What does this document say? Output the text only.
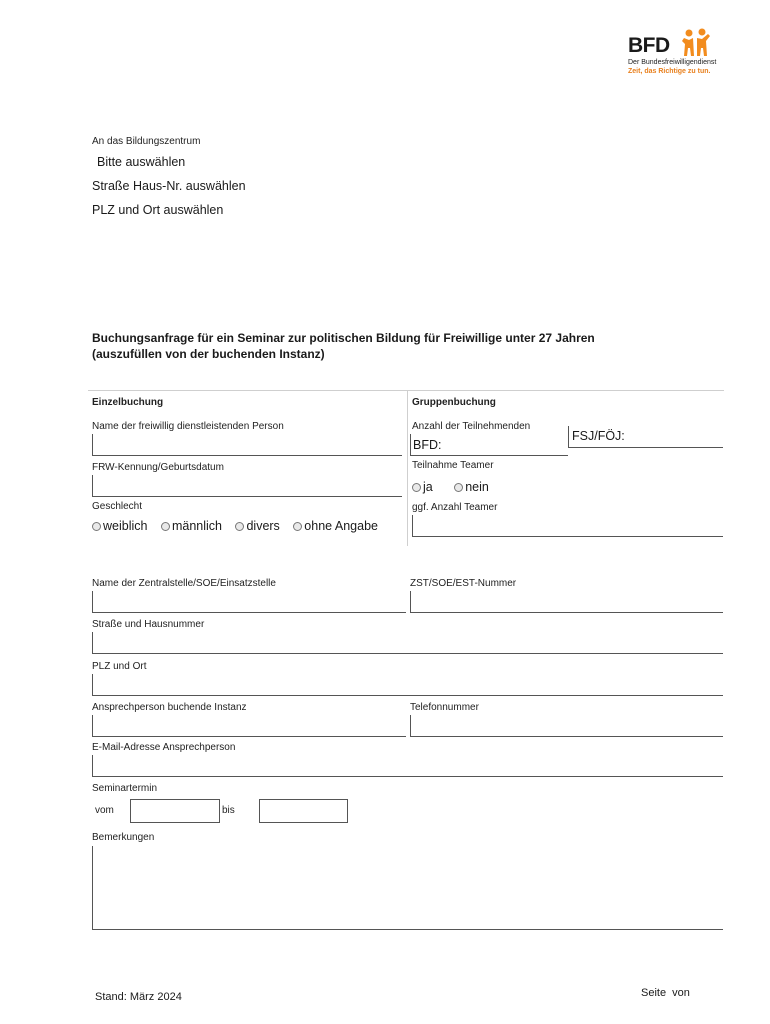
BFD
Der Bundesfreiwilligendienst
Zeit, das Richtige zu tun.
An das Bildungszentrum
Bitte auswählen
Straße Haus-Nr. auswählen
PLZ und Ort auswählen
Buchungsanfrage für ein Seminar zur politischen Bildung für Freiwillige unter 27 Jahren
(auszufüllen von der buchenden Instanz)
Einzelbuchung
Name der freiwillig dienstleistenden Person
FRW-Kennung/Geburtsdatum
Geschlecht
weiblich männlich divers ohne Angabe
Gruppenbuchung
Anzahl der Teilnehmenden
BFD:
FSJ/FÖJ:
Teilnahme Teamer
ja	nein
ggf. Anzahl Teamer
Name der Zentralstelle/SOE/Einsatzstelle	ZST/SOE/EST-Nummer
Straße und Hausnummer
PLZ und Ort
Ansprechperson buchende Instanz	Telefonnummer
E-Mail-Adresse Ansprechperson
Seminartermin
vom	bis
Bemerkungen
Stand: März 2024	Seite  von
